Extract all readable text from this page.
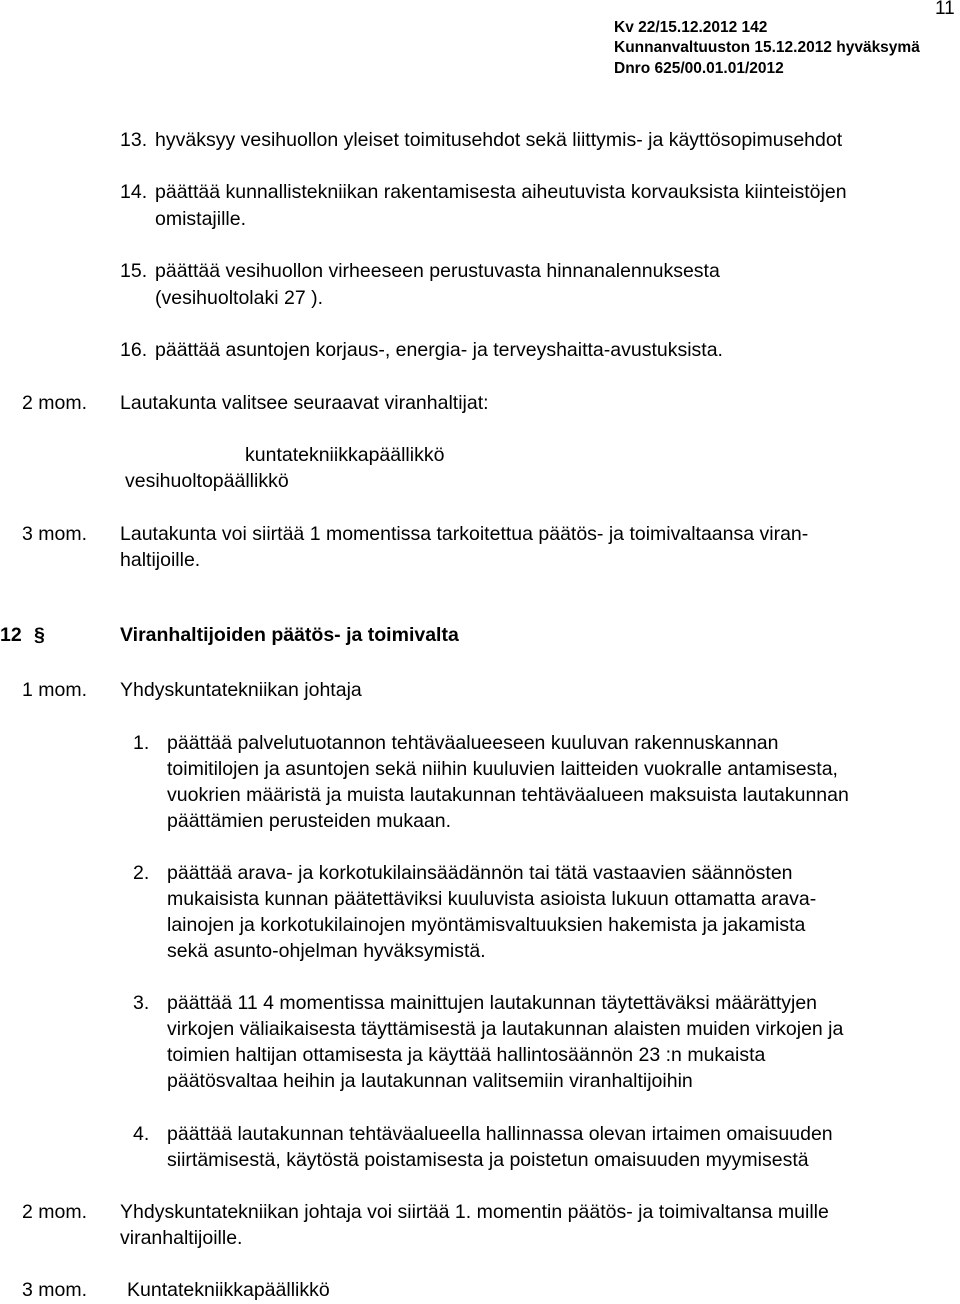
11
Kv 22/15.12.2012 142
Kunnanvaltuuston 15.12.2012 hyväksymä
Dnro 625/00.01.01/2012
13. hyväksyy vesihuollon yleiset toimitusehdot sekä liittymis- ja käyttösopimusehdot
14. päättää kunnallistekniikan rakentamisesta aiheutuvista korvauksista kiinteistöjen
omistajille.
15. päättää vesihuollon virheeseen perustuvasta hinnanalennuksesta
(vesihuoltolaki 27 ).
16. päättää asuntojen korjaus-, energia- ja terveyshaitta-avustuksista.
2 mom. Lautakunta valitsee seuraavat viranhaltijat:
kuntatekniikkapäällikkö
vesihuoltopäällikkö
3 mom. Lautakunta voi siirtää 1 momentissa tarkoitettua päätös- ja toimivaltaansa viran-
haltijoille.
12 §	Viranhaltijoiden päätös- ja toimivalta
1 mom. Yhdyskuntatekniikan johtaja
1. päättää palvelutuotannon tehtäväalueeseen kuuluvan rakennuskannan
toimitilojen ja asuntojen sekä niihin kuuluvien laitteiden vuokralle antamisesta,
vuokrien määristä ja muista lautakunnan tehtäväalueen maksuista lautakunnan
päättämien perusteiden mukaan.
2. päättää arava- ja korkotukilainsäädännön tai tätä vastaavien säännösten
mukaisista kunnan päätettäviksi kuuluvista asioista lukuun ottamatta arava-
lainojen ja korkotukilainojen myöntämisvaltuuksien hakemista ja jakamista
sekä asunto-ohjelman hyväksymistä.
3. päättää 11 4 momentissa mainittujen lautakunnan täytettäväksi määrättyjen
virkojen väliaikaisesta täyttämisestä ja lautakunnan alaisten muiden virkojen ja
toimien haltijan ottamisesta ja käyttää hallintosäännön 23 :n mukaista
päätösvaltaa heihin ja lautakunnan valitsemiin viranhaltijoihin
4. päättää lautakunnan tehtäväalueella hallinnassa olevan irtaimen omaisuuden
siirtämisestä, käytöstä poistamisesta ja poistetun omaisuuden myymisestä
2 mom. Yhdyskuntatekniikan johtaja voi siirtää 1. momentin päätös- ja toimivaltansa muille
viranhaltijoille.
3 mom. Kuntatekniikkapäällikkö
